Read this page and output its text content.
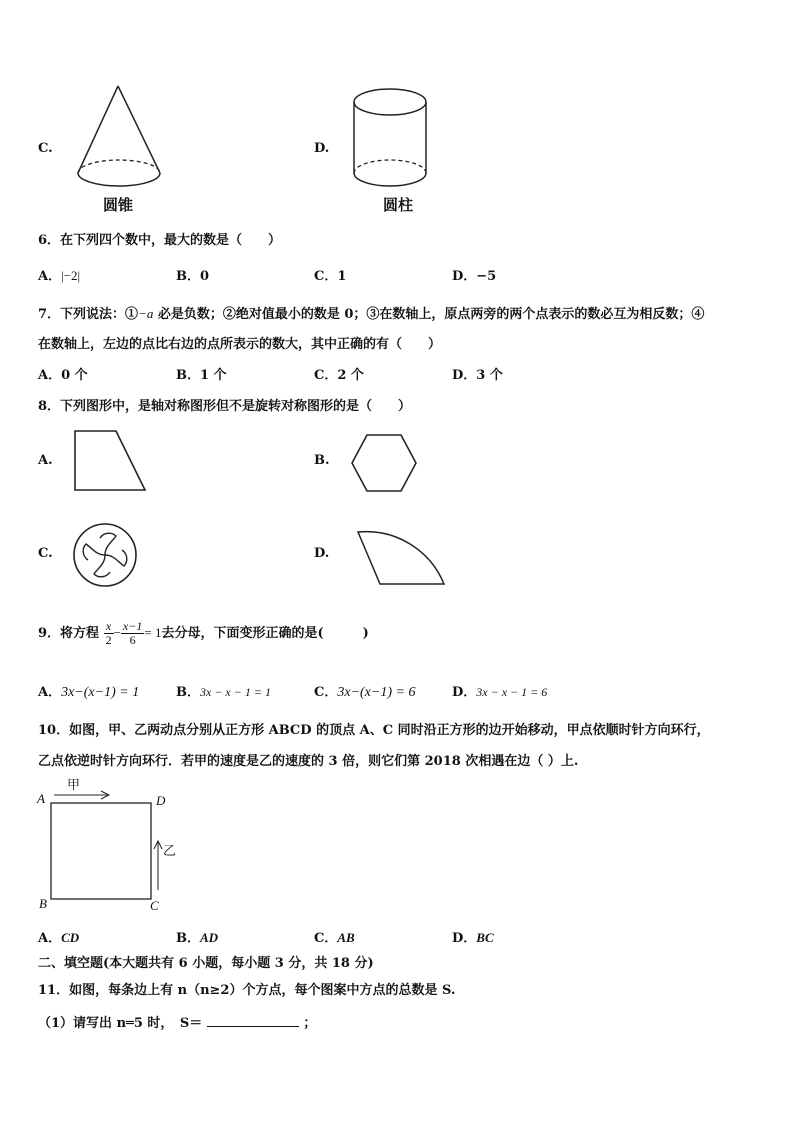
C.
圆锥
D.
圆柱
6．在下列四个数中，最大的数是（　　）
A．|−2|	B．0	C．1	D．−5
7．下列说法：①−a 必是负数；②绝对值最小的数是 0；③在数轴上，原点两旁的两个点表示的数必互为相反数；④
在数轴上，左边的点比右边的点所表示的数大，其中正确的有（　　）
A．0 个	B．1 个	C．2 个	D．3 个
8．下列图形中，是轴对称图形但不是旋转对称图形的是（　　）
A.	B.
C.	D.
9．将方程 $\frac{x}{2} - \frac{x-1}{6} = 1$去分母，下面变形正确的是(　　　)
A．3x−(x−1) = 1	B．3x − x − 1 = 1	C．3x−(x−1) = 6	D．3x − x − 1 = 6
10．如图，甲、乙两动点分别从正方形 ABCD 的顶点 A、C 同时沿正方形的边开始移动，甲点依顺时针方向环行，
乙点依逆时针方向环行．若甲的速度是乙的速度的 3 倍，则它们第 2018 次相遇在边（ ）上.
甲
乙
A	D
B	C
A．CD	B．AD	C．AB	D．BC
二、填空题(本大题共有 6 小题，每小题 3 分，共 18 分)
11．如图，每条边上有 n（n≥2）个方点，每个图案中方点的总数是 S.
（1）请写出 n═5 时，　S＝	；
